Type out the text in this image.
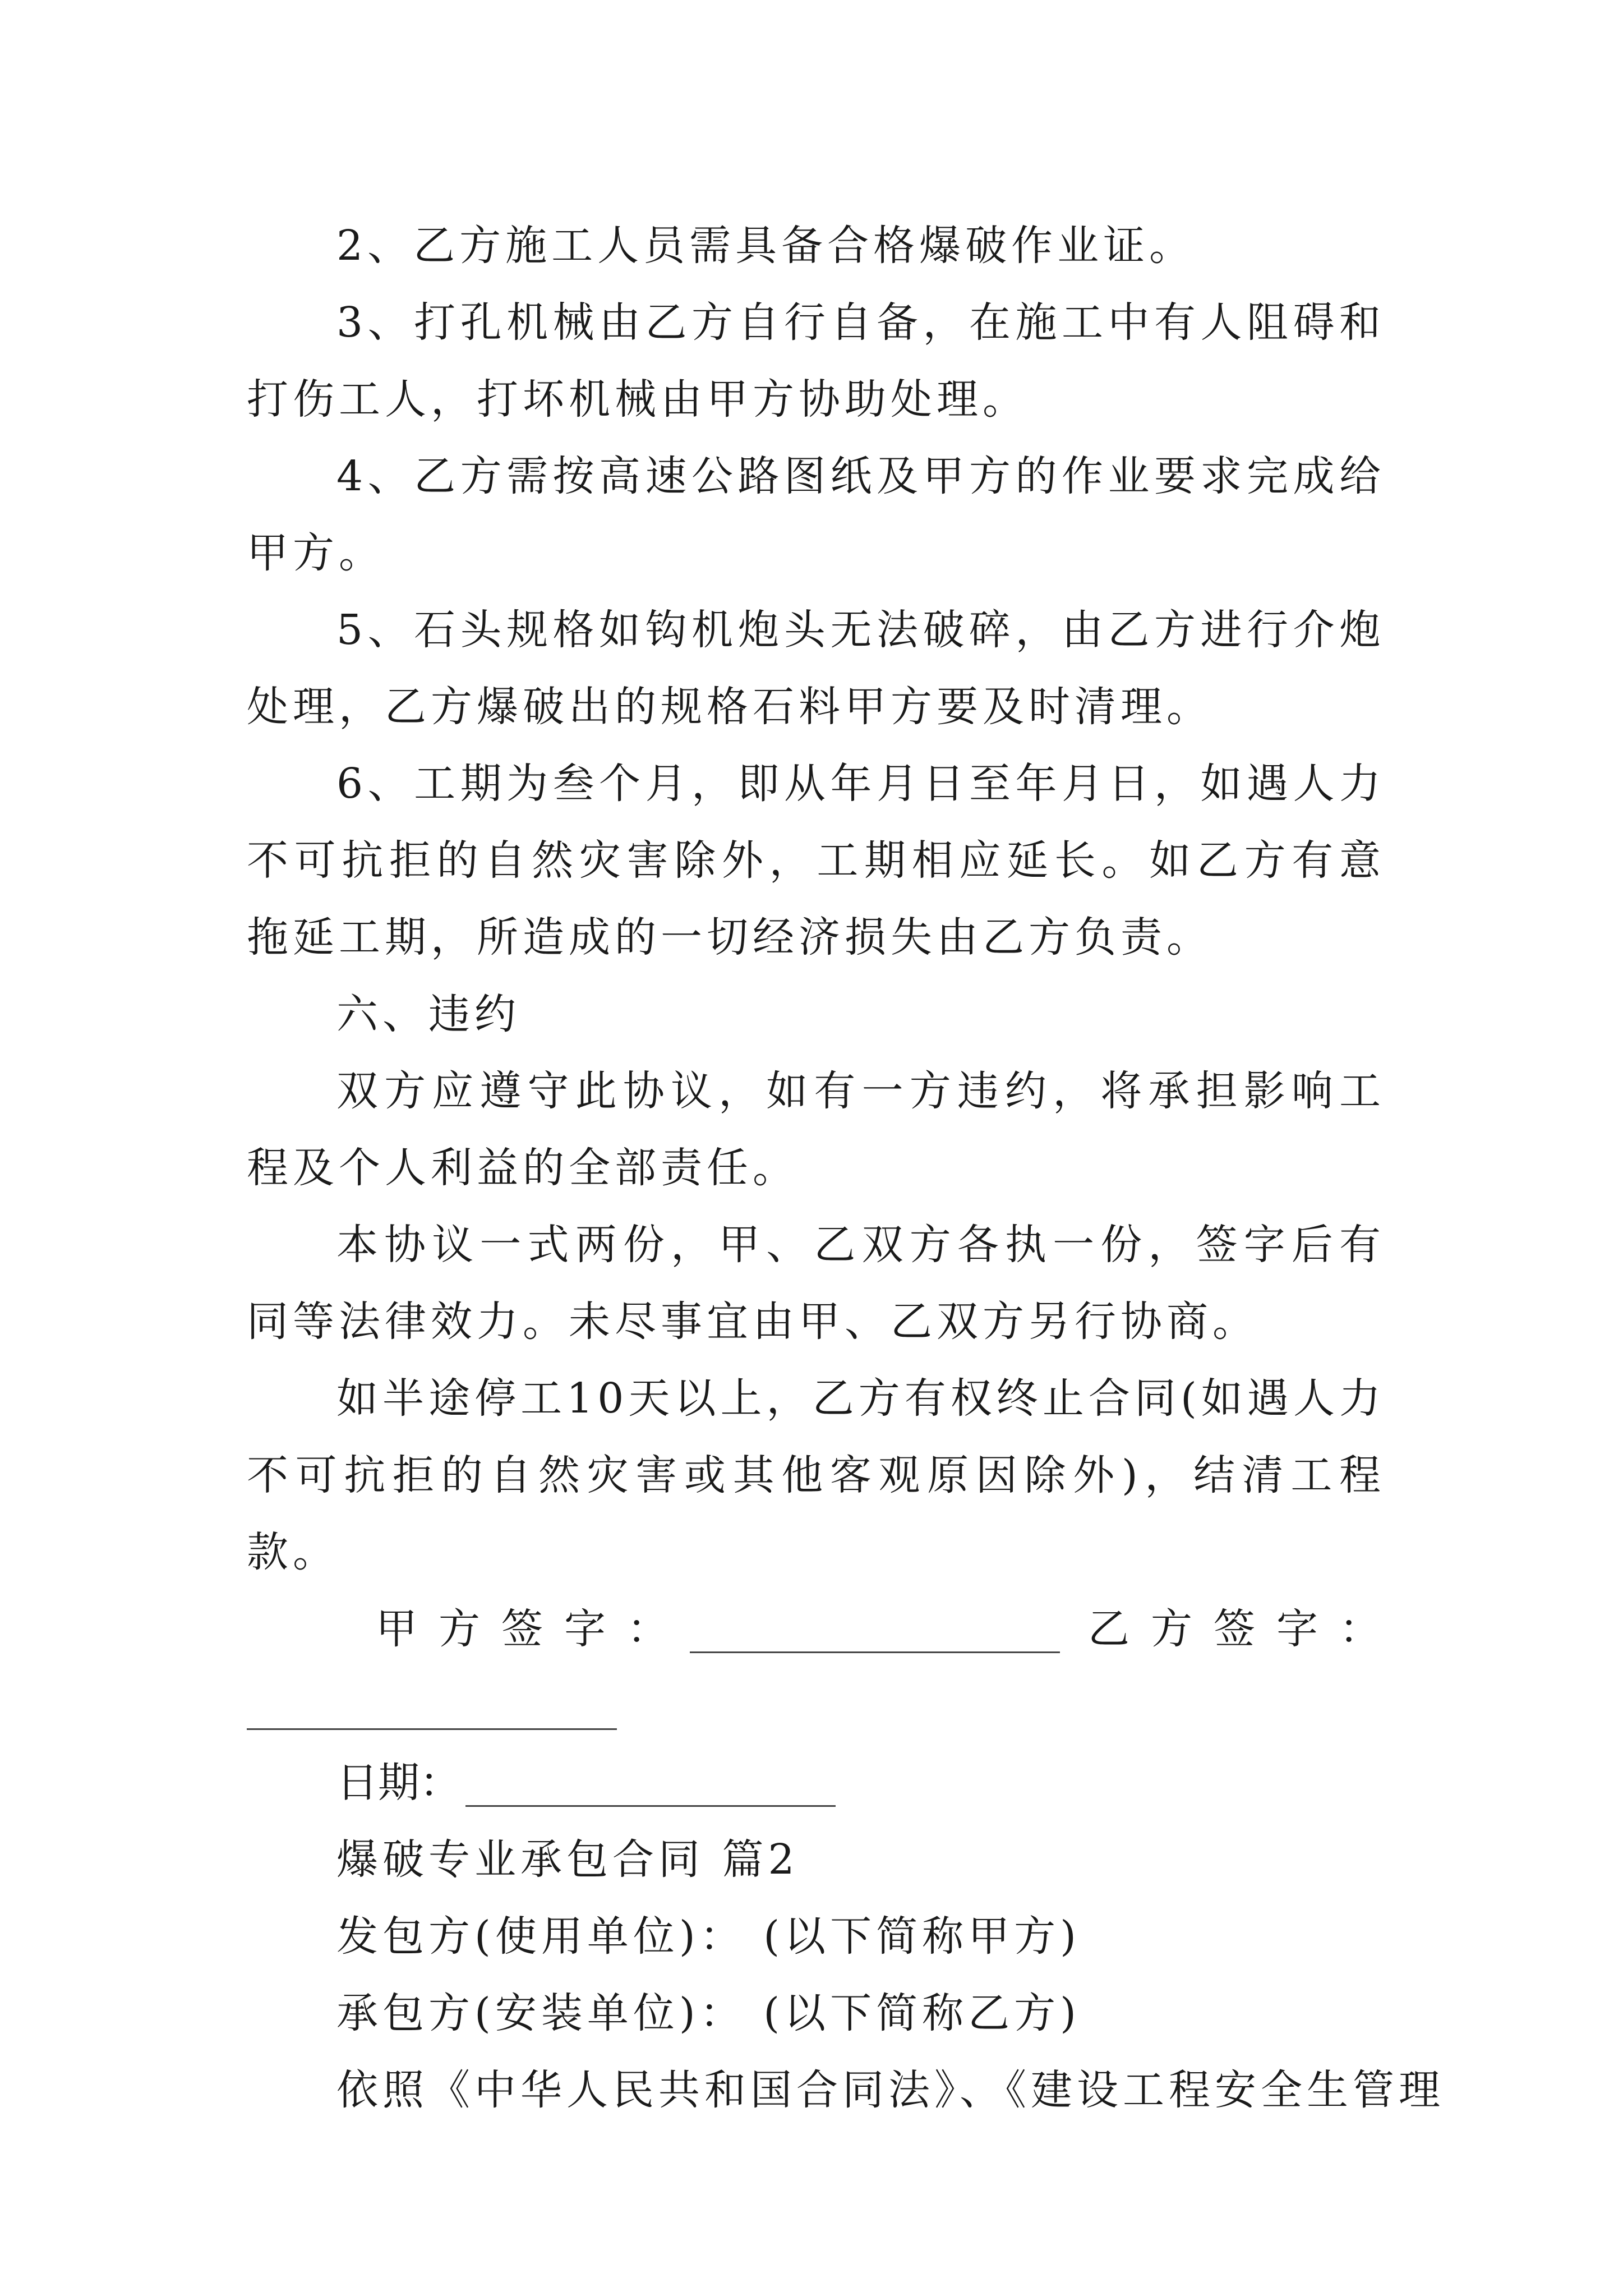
2、乙方施工人员需具备合格爆破作业证。

3、打孔机械由乙方自行自备，在施工中有人阻碍和打伤工人，打坏机械由甲方协助处理。

4、乙方需按高速公路图纸及甲方的作业要求完成给甲方。

5、石头规格如钩机炮头无法破碎，由乙方进行介炮处理，乙方爆破出的规格石料甲方要及时清理。

6、工期为叁个月，即从年月日至年月日，如遇人力不可抗拒的自然灾害除外，工期相应延长。如乙方有意拖延工期，所造成的一切经济损失由乙方负责。

六、违约

双方应遵守此协议，如有一方违约，将承担影响工程及个人利益的全部责任。

本协议一式两份，甲、乙双方各执一份，签字后有同等法律效力。未尽事宜由甲、乙双方另行协商。

如半途停工10天以上，乙方有权终止合同(如遇人力不可抗拒的自然灾害或其他客观原因除外)，结清工程款。

甲方签字：	乙方签字：
日期：

爆破专业承包合同 篇2

发包方(使用单位)： (以下简称甲方)

承包方(安装单位)： (以下简称乙方)

依照《中华人民共和国合同法》、《建设工程安全生管理
